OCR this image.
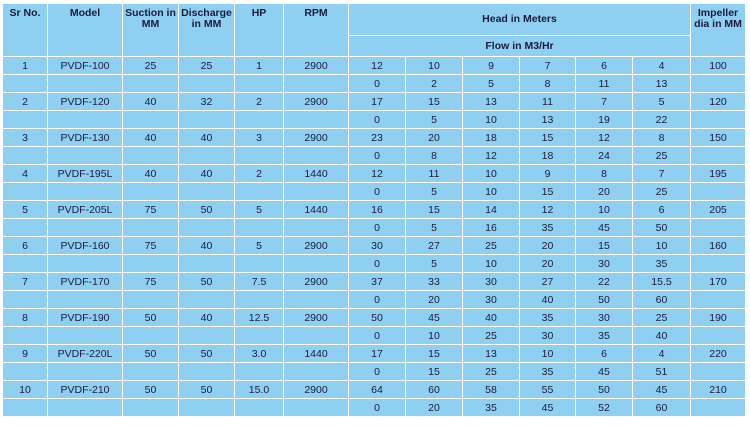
Sr No.	Model	Suction in MM	Discharge in MM	HP	RPM	Head in Meters						Impeller dia in MM
						Flow in M3/Hr						
1	PVDF-100	25	25	1	2900	12	10	9	7	6	4	100
						0	2	5	8	11	13	
2	PVDF-120	40	32	2	2900	17	15	13	11	7	5	120
						0	5	10	13	19	22	
3	PVDF-130	40	40	3	2900	23	20	18	15	12	8	150
						0	8	12	18	24	25	
4	PVDF-195L	40	40	2	1440	12	11	10	9	8	7	195
						0	5	10	15	20	25	
5	PVDF-205L	75	50	5	1440	16	15	14	12	10	6	205
						0	5	16	35	45	50	
6	PVDF-160	75	40	5	2900	30	27	25	20	15	10	160
						0	5	10	20	30	35	
7	PVDF-170	75	50	7.5	2900	37	33	30	27	22	15.5	170
						0	20	30	40	50	60	
8	PVDF-190	50	40	12.5	2900	50	45	40	35	30	25	190
						0	10	25	30	35	40	
9	PVDF-220L	50	50	3.0	1440	17	15	13	10	6	4	220
						0	15	25	35	45	51	
10	PVDF-210	50	50	15.0	2900	64	60	58	55	50	45	210
						0	20	35	45	52	60	
